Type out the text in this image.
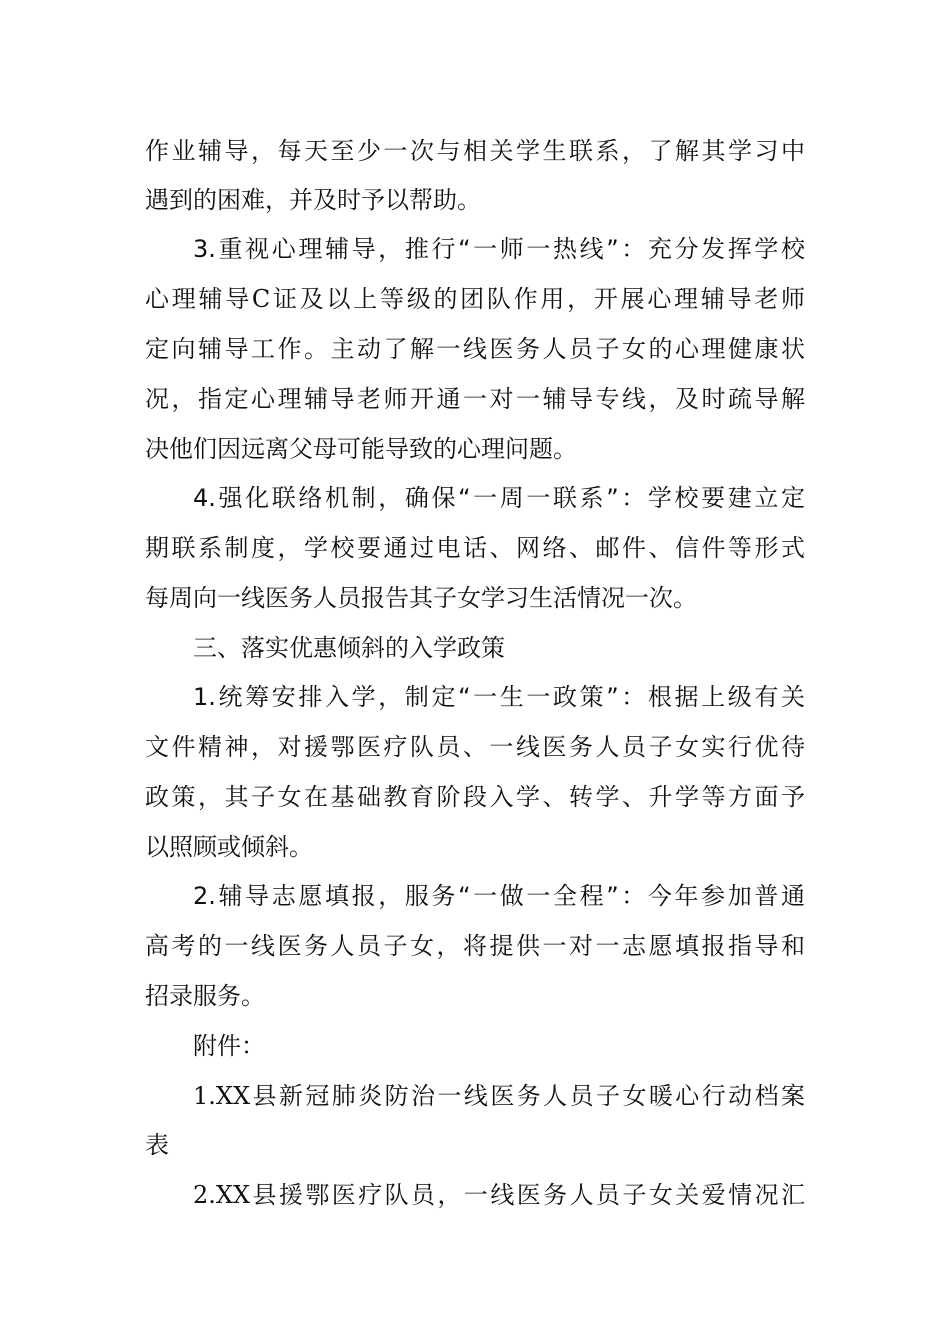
作业辅导，每天至少一次与相关学生联系，了解其学习中
遇到的困难，并及时予以帮助。
3.重视心理辅导，推行“一师一热线”：充分发挥学校
心理辅导C证及以上等级的团队作用，开展心理辅导老师
定向辅导工作。主动了解一线医务人员子女的心理健康状
况，指定心理辅导老师开通一对一辅导专线，及时疏导解
决他们因远离父母可能导致的心理问题。
4.强化联络机制，确保“一周一联系”：学校要建立定
期联系制度，学校要通过电话、网络、邮件、信件等形式
每周向一线医务人员报告其子女学习生活情况一次。
三、落实优惠倾斜的入学政策
1.统筹安排入学，制定“一生一政策”：根据上级有关
文件精神，对援鄂医疗队员、一线医务人员子女实行优待
政策，其子女在基础教育阶段入学、转学、升学等方面予
以照顾或倾斜。
2.辅导志愿填报，服务“一做一全程”：今年参加普通
高考的一线医务人员子女，将提供一对一志愿填报指导和
招录服务。
附件：
1.XX县新冠肺炎防治一线医务人员子女暖心行动档案
表
2.XX县援鄂医疗队员，一线医务人员子女关爱情况汇
